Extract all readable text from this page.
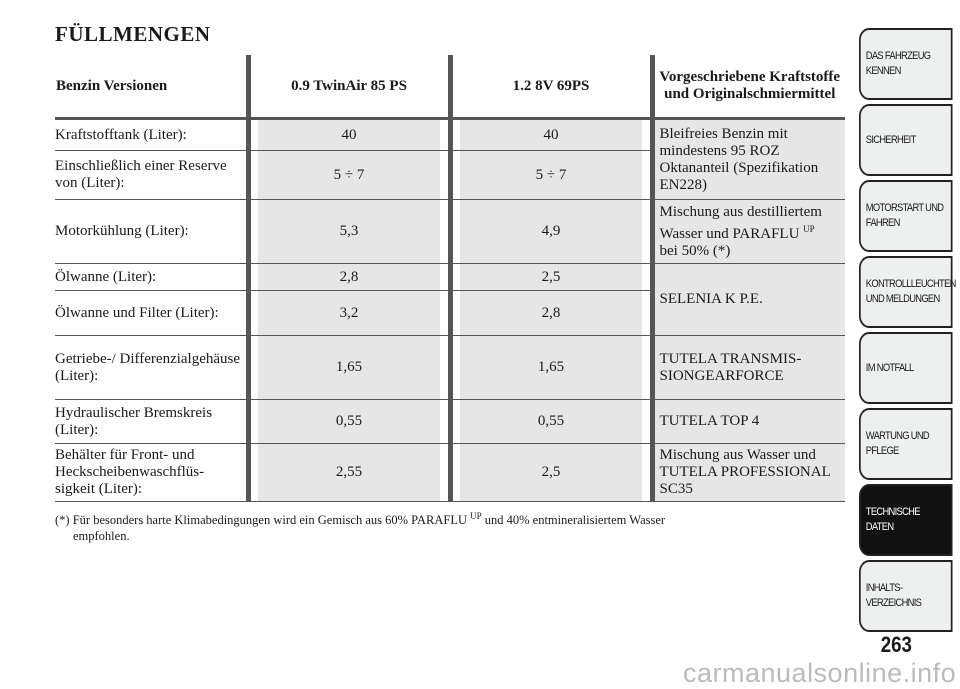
FÜLLMENGEN
Benzin Versionen	0.9 TwinAir 85 PS	1.2 8V 69PS	Vorgeschriebene Kraftstoffe und Originalschmiermittel
Kraftstofftank (Liter):	40	40	Bleifreies Benzin mit mindestens 95 ROZ Oktananteil (Spezifikation EN228)
Einschließlich einer Reserve von (Liter):	5 ÷ 7	5 ÷ 7	
Motorkühlung (Liter):	5,3	4,9	Mischung aus destilliertem Wasser und PARAFLU $^{UP}$
bei 50% (*)
Ölwanne (Liter):	2,8	2,5	SELENIA K P.E.
Ölwanne und Filter (Liter):	3,2	2,8	
Getriebe-/ Differenzialgehäuse (Liter):	1,65	1,65	TUTELA TRANSMIS-SIONGEARFORCE
Hydraulischer Bremskreis (Liter):	0,55	0,55	TUTELA TOP 4
Behälter für Front- und Heckscheibenwaschflüs-sigkeit (Liter):	2,55	2,5	Mischung aus Wasser und TUTELA PROFESSIONAL SC35
(*) Für besonders harte Klimabedingungen wird ein Gemisch aus 60% PARAFLU $^{UP}$ und 40% entmineralisiertem Wasser
empfohlen.
DAS FAHRZEUG
KENNEN
SICHERHEIT
MOTORSTART UND
FAHREN
KONTROLLLEUCHTEN
UND MELDUNGEN
IM NOTFALL
WARTUNG UND
PFLEGE
TECHNISCHE
DATEN
INHALTS-
VERZEICHNIS
263
carmanualsonline.info
